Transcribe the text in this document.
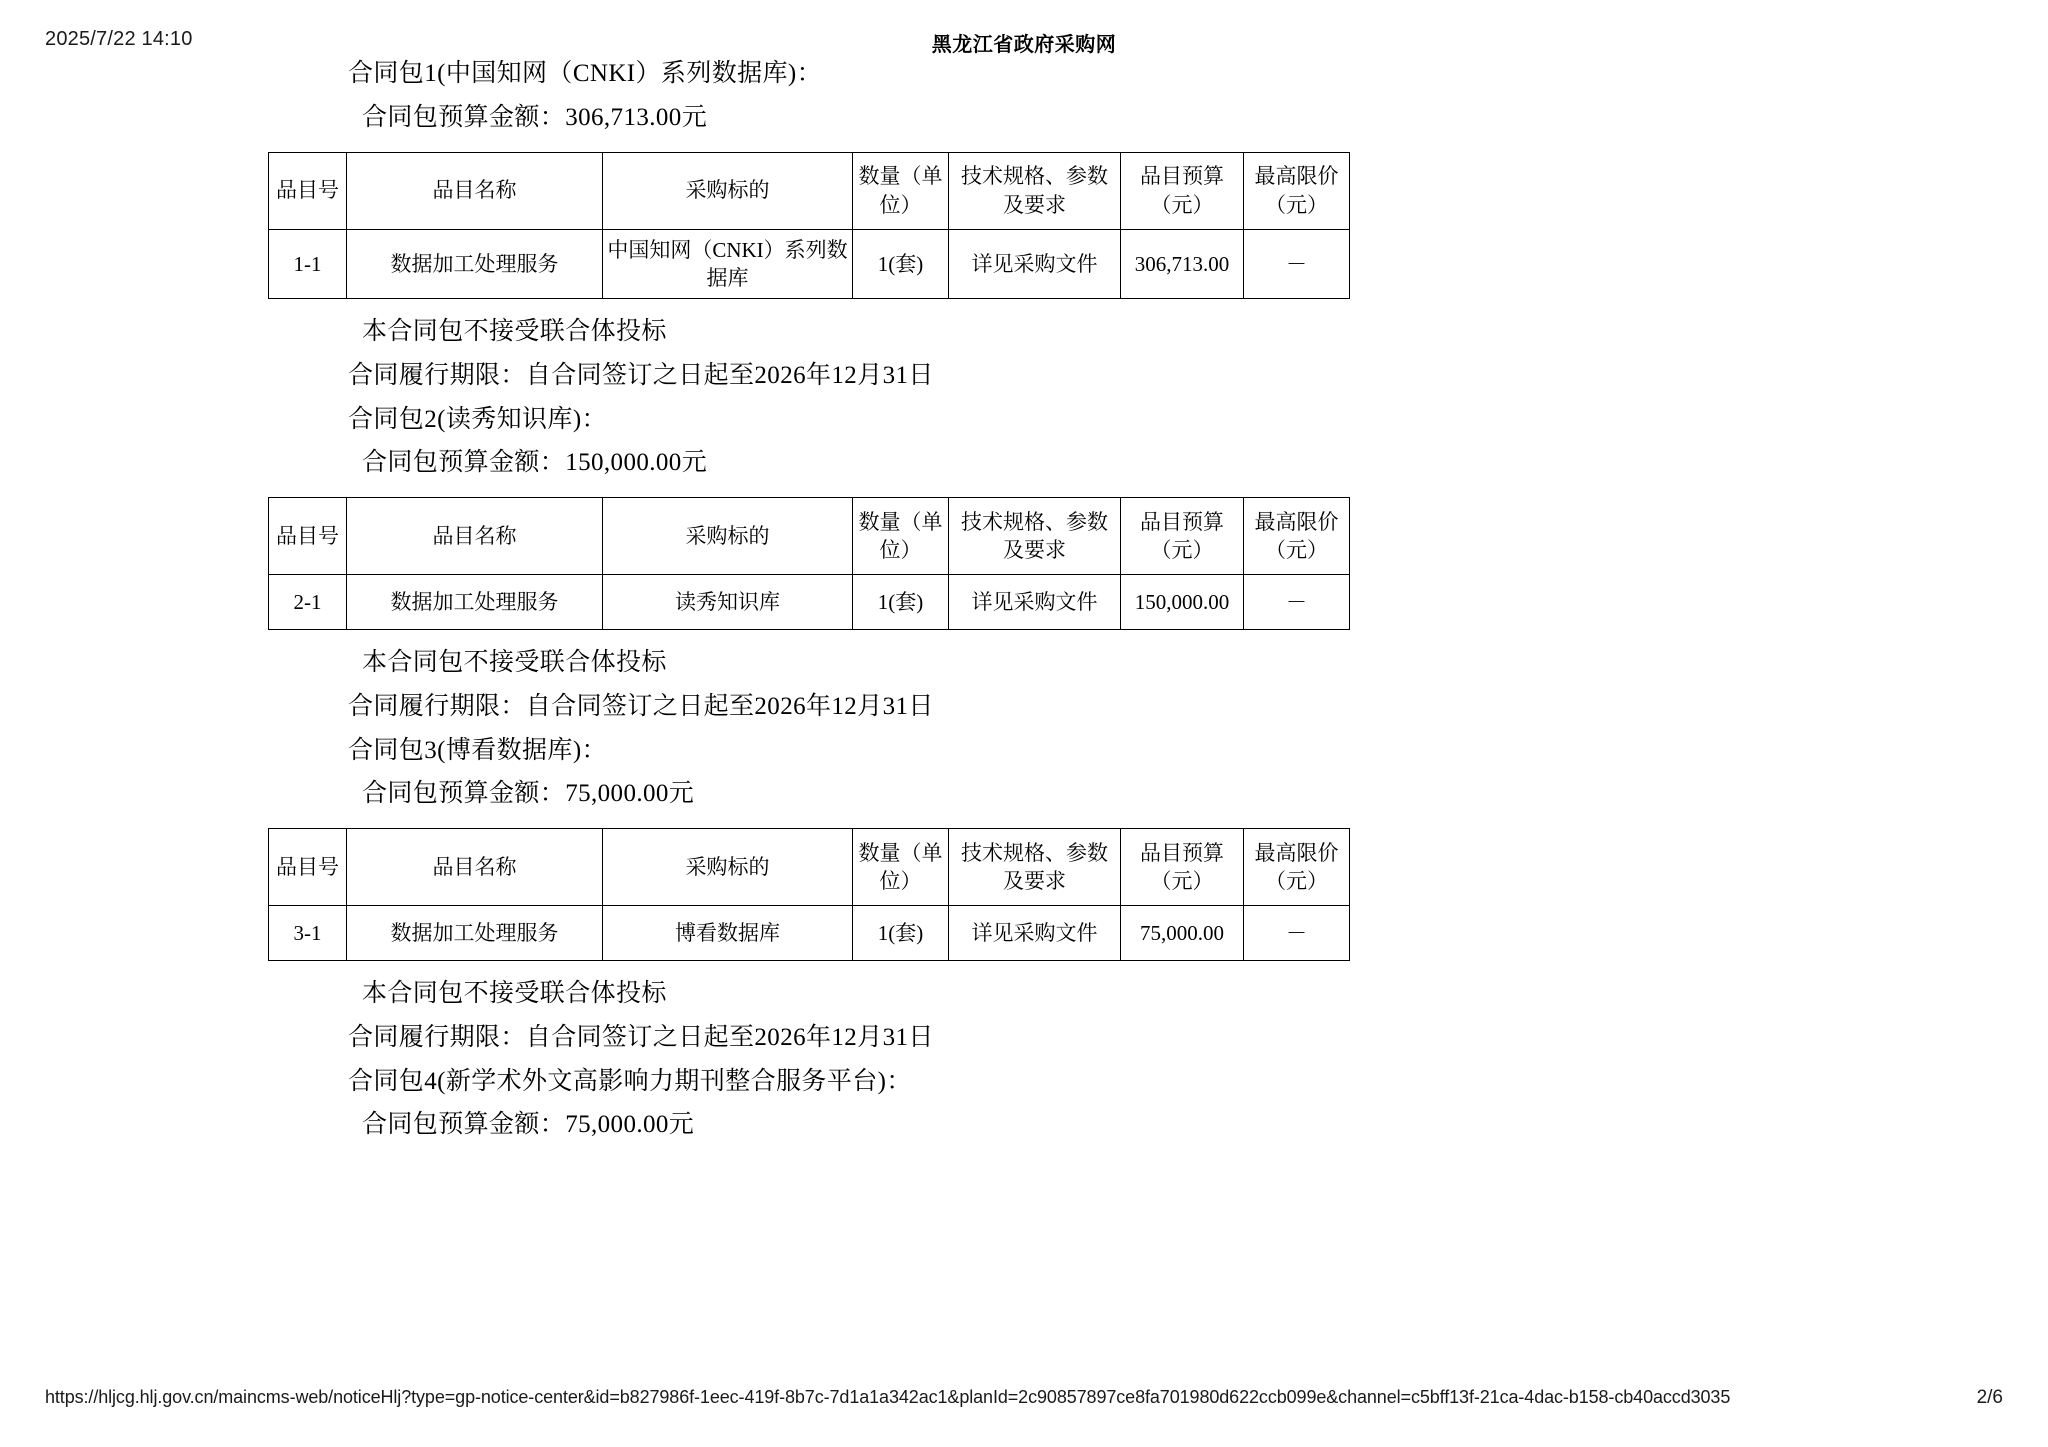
2025/7/22 14:10	黑龙江省政府采购网

合同包1(中国知网（CNKI）系列数据库)：

合同包预算金额：306,713.00元

品目号	品目名称	采购标的	数量（单位）	技术规格、参数及要求	品目预算（元）	最高限价（元）
1-1	数据加工处理服务	中国知网（CNKI）系列数据库	1(套)	详见采购文件	306,713.00	－

本合同包不接受联合体投标

合同履行期限：自合同签订之日起至2026年12月31日

合同包2(读秀知识库)：

合同包预算金额：150,000.00元

品目号	品目名称	采购标的	数量（单位）	技术规格、参数及要求	品目预算（元）	最高限价（元）
2-1	数据加工处理服务	读秀知识库	1(套)	详见采购文件	150,000.00	－

本合同包不接受联合体投标

合同履行期限：自合同签订之日起至2026年12月31日

合同包3(博看数据库)：

合同包预算金额：75,000.00元

品目号	品目名称	采购标的	数量（单位）	技术规格、参数及要求	品目预算（元）	最高限价（元）
3-1	数据加工处理服务	博看数据库	1(套)	详见采购文件	75,000.00	－

本合同包不接受联合体投标

合同履行期限：自合同签订之日起至2026年12月31日

合同包4(新学术外文高影响力期刊整合服务平台)：

合同包预算金额：75,000.00元

https://hljcg.hlj.gov.cn/maincms-web/noticeHlj?type=gp-notice-center&id=b827986f-1eec-419f-8b7c-7d1a1a342ac1&planId=2c90857897ce8fa701980d622ccb099e&channel=c5bff13f-21ca-4dac-b158-cb40accd3035	2/6
